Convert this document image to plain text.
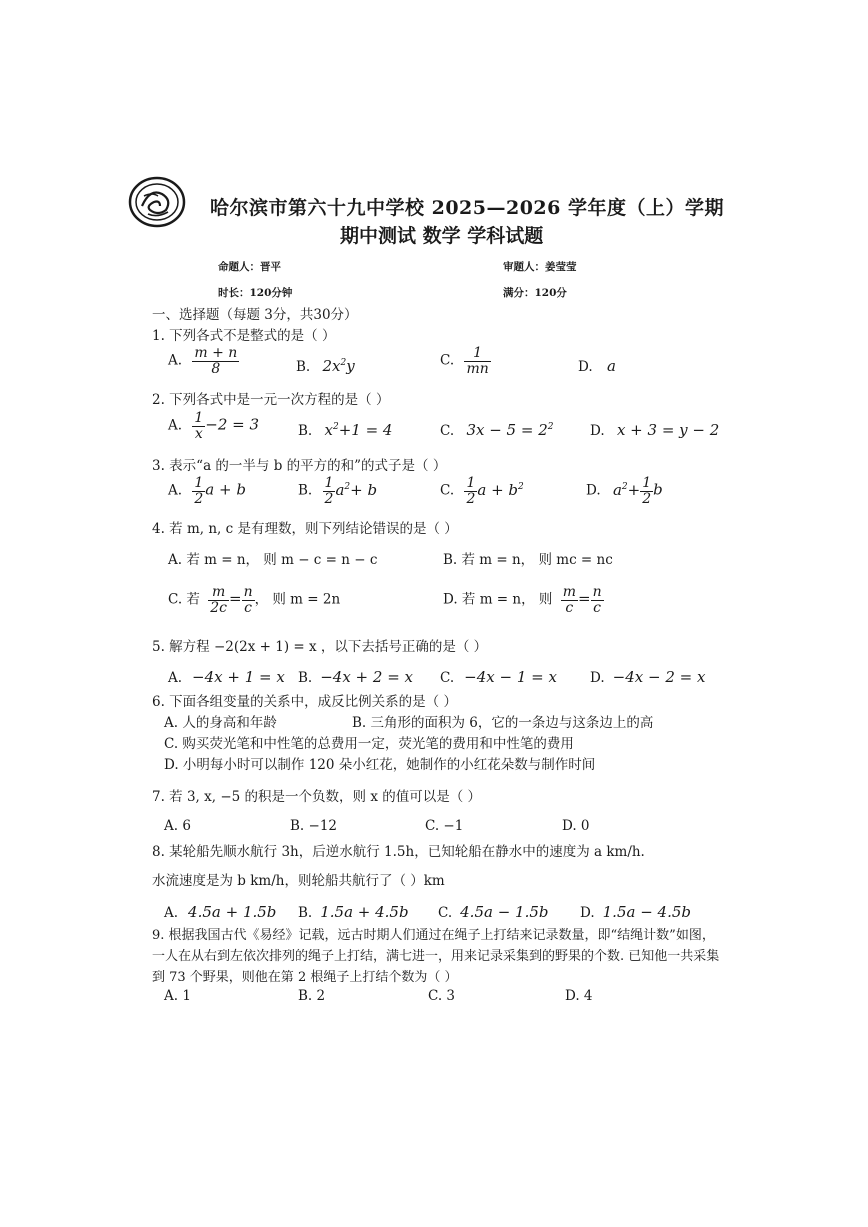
哈尔滨市第六十九中学校 2025—2026 学年度（上）学期
期中测试 数学 学科试题
命题人：晋平	审题人：姜莹莹
时长：120分钟	满分：120分
一、选择题（每题 3分，共30分）
1. 下列各式不是整式的是（ ）
A. $\frac{m + n}{8}$	B. $2x^2y$	C. $\frac{1}{mn}$	D. a
2. 下列各式中是一元一次方程的是（ ）
A. $\frac{1}{x} -2 = 3$	B. $x^2+1 = 4$	C. $3x - 5 = 2^2$	D. x + 3 = y − 2
3. 表示“a 的一半与 b 的平方的和”的式子是（ ）
A. $\frac{1}{2}$ a + b	B. $\frac{1}{2} a^2+ b$	C. $\frac{1}{2}$ $a + b^2$	D. $a^2+ \frac{1}{2}$ b
4. 若 m, n, c 是有理数，则下列结论错误的是（ ）
A. 若 m = n， 则 m − c = n − c	B. 若 m = n， 则 mc = nc
C. 若 $\frac{m}{2c} = \frac{n}{c}$ ， 则 m = 2n	D. 若 m = n， 则 $\frac{m}{c} = \frac{n}{c}$
5. 解方程 −2(2x + 1) = x ，以下去括号正确的是（ ）
A. −4x + 1 = x B. −4x + 2 = x C. −4x − 1 = x D. −4x − 2 = x
6. 下面各组变量的关系中，成反比例关系的是（ ）
A. 人的身高和年龄	B. 三角形的面积为 6，它的一条边与这条边上的高
C. 购买荧光笔和中性笔的总费用一定，荧光笔的费用和中性笔的费用
D. 小明每小时可以制作 120 朵小红花，她制作的小红花朵数与制作时间
7. 若 3, x, −5 的积是一个负数，则 x 的值可以是（ ）
A. 6	B. −12	C. −1	D. 0
8. 某轮船先顺水航行 3h，后逆水航行 1.5h，已知轮船在静水中的速度为 a km/h.
水流速度是为 b km/h，则轮船共航行了（ ）km
A. 4.5a + 1.5b B. 1.5a + 4.5b C. 4.5a − 1.5b D. 1.5a − 4.5b
9. 根据我国古代《易经》记载，远古时期人们通过在绳子上打结来记录数量，即“结绳计数”如图，
一人在从右到左依次排列的绳子上打结，满七进一，用来记录采集到的野果的个数. 已知他一共采集
到 73 个野果，则他在第 2 根绳子上打结个数为（ ）
A. 1	B. 2	C. 3	D. 4
